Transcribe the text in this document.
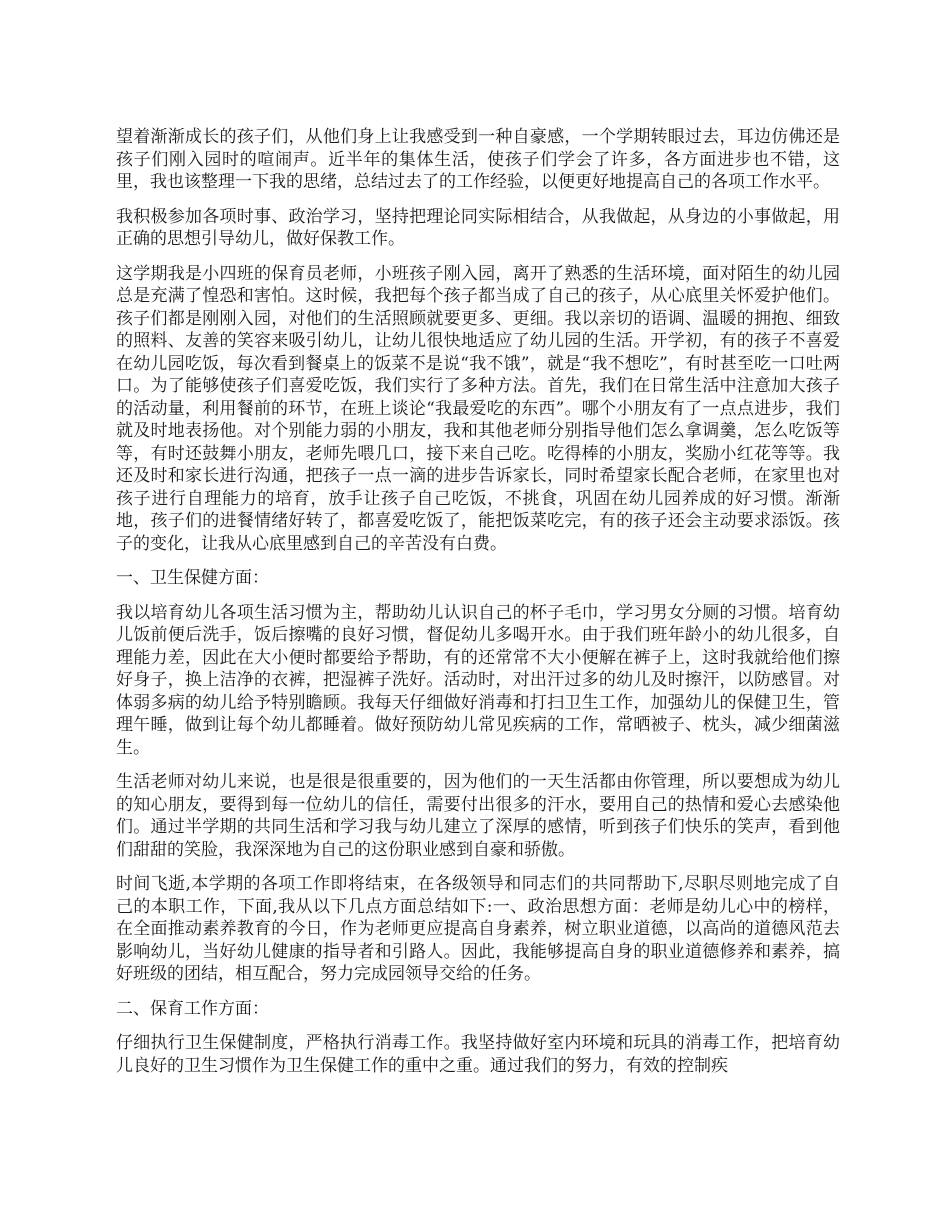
望着渐渐成长的孩子们，从他们身上让我感受到一种自豪感，一个学期转眼过去，耳边仿佛还是孩子们刚入园时的喧闹声。近半年的集体生活，使孩子们学会了许多，各方面进步也不错，这里，我也该整理一下我的思绪，总结过去了的工作经验，以便更好地提高自己的各项工作水平。

我积极参加各项时事、政治学习，坚持把理论同实际相结合，从我做起，从身边的小事做起，用正确的思想引导幼儿，做好保教工作。

这学期我是小四班的保育员老师，小班孩子刚入园，离开了熟悉的生活环境，面对陌生的幼儿园总是充满了惶恐和害怕。这时候，我把每个孩子都当成了自己的孩子，从心底里关怀爱护他们。孩子们都是刚刚入园，对他们的生活照顾就要更多、更细。我以亲切的语调、温暖的拥抱、细致的照料、友善的笑容来吸引幼儿，让幼儿很快地适应了幼儿园的生活。开学初，有的孩子不喜爱在幼儿园吃饭，每次看到餐桌上的饭菜不是说“我不饿”，就是“我不想吃”，有时甚至吃一口吐两口。为了能够使孩子们喜爱吃饭，我们实行了多种方法。首先，我们在日常生活中注意加大孩子的活动量，利用餐前的环节，在班上谈论“我最爱吃的东西”。哪个小朋友有了一点点进步，我们就及时地表扬他。对个别能力弱的小朋友，我和其他老师分别指导他们怎么拿调羹，怎么吃饭等等，有时还鼓舞小朋友，老师先喂几口，接下来自己吃。吃得棒的小朋友，奖励小红花等等。我还及时和家长进行沟通，把孩子一点一滴的进步告诉家长，同时希望家长配合老师，在家里也对孩子进行自理能力的培育，放手让孩子自己吃饭，不挑食，巩固在幼儿园养成的好习惯。渐渐地，孩子们的进餐情绪好转了，都喜爱吃饭了，能把饭菜吃完，有的孩子还会主动要求添饭。孩子的变化，让我从心底里感到自己的辛苦没有白费。

一、卫生保健方面：

我以培育幼儿各项生活习惯为主，帮助幼儿认识自己的杯子毛巾，学习男女分厕的习惯。培育幼儿饭前便后洗手，饭后擦嘴的良好习惯，督促幼儿多喝开水。由于我们班年龄小的幼儿很多，自理能力差，因此在大小便时都要给予帮助，有的还常常不大小便解在裤子上，这时我就给他们擦好身子，换上洁净的衣裤，把湿裤子洗好。活动时，对出汗过多的幼儿及时擦汗，以防感冒。对体弱多病的幼儿给予特别瞻顾。我每天仔细做好消毒和打扫卫生工作，加强幼儿的保健卫生，管理午睡，做到让每个幼儿都睡着。做好预防幼儿常见疾病的工作，常晒被子、枕头，减少细菌滋生。

生活老师对幼儿来说，也是很是很重要的，因为他们的一天生活都由你管理，所以要想成为幼儿的知心朋友，要得到每一位幼儿的信任，需要付出很多的汗水，要用自己的热情和爱心去感染他们。通过半学期的共同生活和学习我与幼儿建立了深厚的感情，听到孩子们快乐的笑声，看到他们甜甜的笑脸，我深深地为自己的这份职业感到自豪和骄傲。

时间飞逝,本学期的各项工作即将结束，在各级领导和同志们的共同帮助下,尽职尽则地完成了自己的本职工作，下面,我从以下几点方面总结如下:一、政治思想方面：老师是幼儿心中的榜样，在全面推动素养教育的今日，作为老师更应提高自身素养，树立职业道德，以高尚的道德风范去影响幼儿，当好幼儿健康的指导者和引路人。因此，我能够提高自身的职业道德修养和素养，搞好班级的团结，相互配合，努力完成园领导交给的任务。

二、保育工作方面：

仔细执行卫生保健制度，严格执行消毒工作。我坚持做好室内环境和玩具的消毒工作，把培育幼儿良好的卫生习惯作为卫生保健工作的重中之重。通过我们的努力，有效的控制疾
